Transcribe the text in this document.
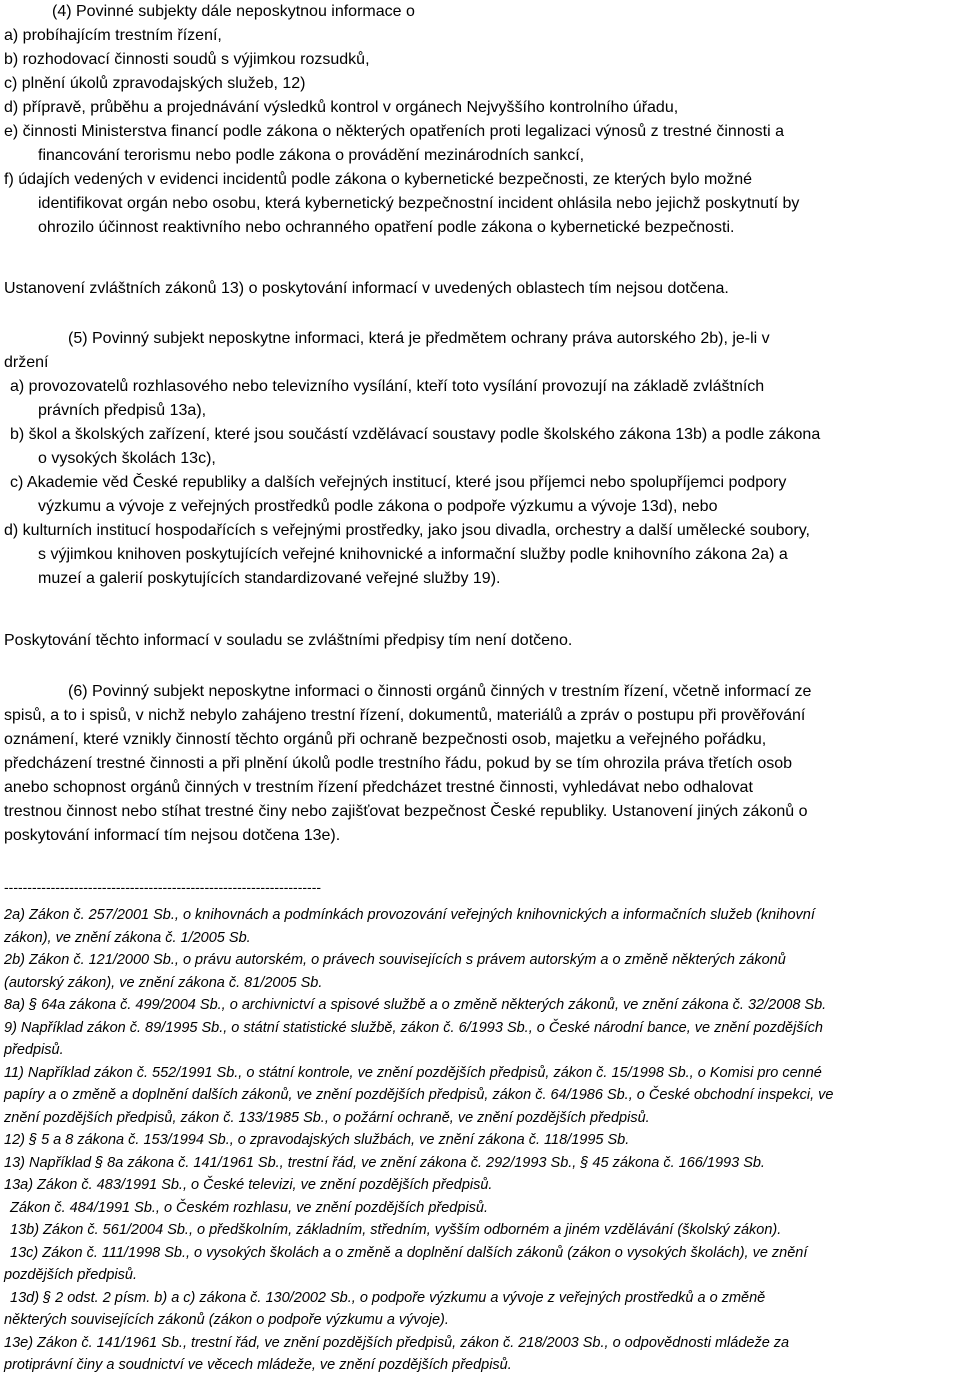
(4) Povinné subjekty dále neposkytnou informace o
a) probíhajícím trestním řízení,
b) rozhodovací činnosti soudů s výjimkou rozsudků,
c) plnění úkolů zpravodajských služeb, 12)
d) přípravě, průběhu a projednávání výsledků kontrol v orgánech Nejvyššího kontrolního úřadu,
e) činnosti Ministerstva financí podle zákona o některých opatřeních proti legalizaci výnosů z trestné činnosti a
financování terorismu nebo podle zákona o provádění mezinárodních sankcí,
f) údajích vedených v evidenci incidentů podle zákona o kybernetické bezpečnosti, ze kterých bylo možné
identifikovat orgán nebo osobu, která kybernetický bezpečnostní incident ohlásila nebo jejichž poskytnutí by
ohrozilo účinnost reaktivního nebo ochranného opatření podle zákona o kybernetické bezpečnosti.
Ustanovení zvláštních zákonů 13) o poskytování informací v uvedených oblastech tím nejsou dotčena.
(5) Povinný subjekt neposkytne informaci, která je předmětem ochrany práva autorského 2b), je-li v
držení
a) provozovatelů rozhlasového nebo televizního vysílání, kteří toto vysílání provozují na základě zvláštních
právních předpisů 13a),
b) škol a školských zařízení, které jsou součástí vzdělávací soustavy podle školského zákona 13b) a podle zákona
o vysokých školách 13c),
c) Akademie věd České republiky a dalších veřejných institucí, které jsou příjemci nebo spolupříjemci podpory
výzkumu a vývoje z veřejných prostředků podle zákona o podpoře výzkumu a vývoje 13d), nebo
d) kulturních institucí hospodařících s veřejnými prostředky, jako jsou divadla, orchestry a další umělecké soubory,
s výjimkou knihoven poskytujících veřejné knihovnické a informační služby podle knihovního zákona 2a) a
muzeí a galerií poskytujících standardizované veřejné služby 19).
Poskytování těchto informací v souladu se zvláštními předpisy tím není dotčeno.
(6) Povinný subjekt neposkytne informaci o činnosti orgánů činných v trestním řízení, včetně informací ze
spisů, a to i spisů, v nichž nebylo zahájeno trestní řízení, dokumentů, materiálů a zpráv o postupu při prověřování
oznámení, které vznikly činností těchto orgánů při ochraně bezpečnosti osob, majetku a veřejného pořádku,
předcházení trestné činnosti a při plnění úkolů podle trestního řádu, pokud by se tím ohrozila práva třetích osob
anebo schopnost orgánů činných v trestním řízení předcházet trestné činnosti, vyhledávat nebo odhalovat
trestnou činnost nebo stíhat trestné činy nebo zajišťovat bezpečnost České republiky. Ustanovení jiných zákonů o
poskytování informací tím nejsou dotčena 13e).
--------------------------------------------------------------------
2a) Zákon č. 257/2001 Sb., o knihovnách a podmínkách provozování veřejných knihovnických a informačních služeb (knihovní
zákon), ve znění zákona č. 1/2005 Sb.
2b) Zákon č. 121/2000 Sb., o právu autorském, o právech souvisejících s právem autorským a o změně některých zákonů
(autorský zákon), ve znění zákona č. 81/2005 Sb.
8a) § 64a zákona č. 499/2004 Sb., o archivnictví a spisové službě a o změně některých zákonů, ve znění zákona č. 32/2008 Sb.
9) Například zákon č. 89/1995 Sb., o státní statistické službě, zákon č. 6/1993 Sb., o České národní bance, ve znění pozdějších
předpisů.
11) Například zákon č. 552/1991 Sb., o státní kontrole, ve znění pozdějších předpisů, zákon č. 15/1998 Sb., o Komisi pro cenné
papíry a o změně a doplnění dalších zákonů, ve znění pozdějších předpisů, zákon č. 64/1986 Sb., o České obchodní inspekci, ve
znění pozdějších předpisů, zákon č. 133/1985 Sb., o požární ochraně, ve znění pozdějších předpisů.
12) § 5 a 8 zákona č. 153/1994 Sb., o zpravodajských službách, ve znění zákona č. 118/1995 Sb.
13) Například § 8a zákona č. 141/1961 Sb., trestní řád, ve znění zákona č. 292/1993 Sb., § 45 zákona č. 166/1993 Sb.
13a) Zákon č. 483/1991 Sb., o České televizi, ve znění pozdějších předpisů.
Zákon č. 484/1991 Sb., o Českém rozhlasu, ve znění pozdějších předpisů.
13b) Zákon č. 561/2004 Sb., o předškolním, základním, středním, vyšším odborném a jiném vzdělávání (školský zákon).
13c) Zákon č. 111/1998 Sb., o vysokých školách a o změně a doplnění dalších zákonů (zákon o vysokých školách), ve znění
pozdějších předpisů.
13d) § 2 odst. 2 písm. b) a c) zákona č. 130/2002 Sb., o podpoře výzkumu a vývoje z veřejných prostředků a o změně
některých souvisejících zákonů (zákon o podpoře výzkumu a vývoje).
13e) Zákon č. 141/1961 Sb., trestní řád, ve znění pozdějších předpisů, zákon č. 218/2003 Sb., o odpovědnosti mládeže za
protiprávní činy a soudnictví ve věcech mládeže, ve znění pozdějších předpisů.
